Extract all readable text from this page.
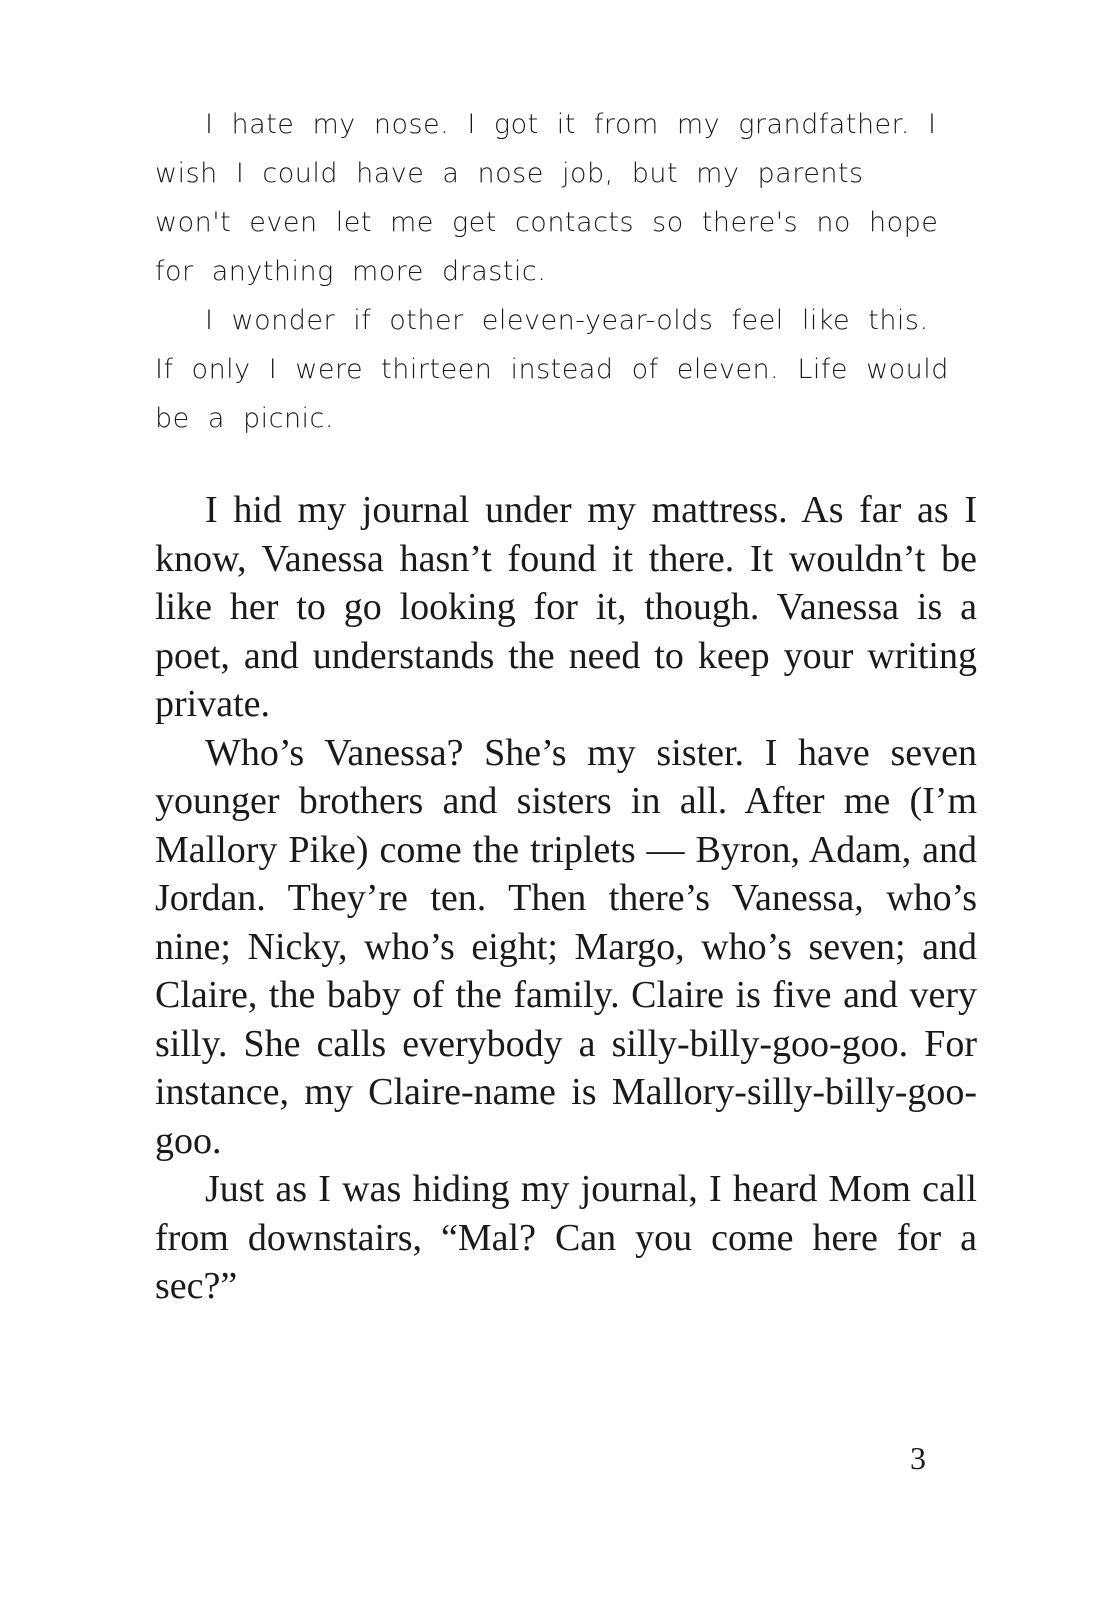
I hate my nose. I got it from my grandfather. I wish I could have a nose job, but my parents won't even let me get contacts so there's no hope for anything more drastic.

I wonder if other eleven-year-olds feel like this. If only I were thirteen instead of eleven. Life would be a picnic.

I hid my journal under my mattress. As far as I know, Vanessa hasn’t found it there. It wouldn’t be like her to go looking for it, though. Vanessa is a poet, and understands the need to keep your writing private.

Who’s Vanessa? She’s my sister. I have seven younger brothers and sisters in all. After me (I’m Mallory Pike) come the triplets — Byron, Adam, and Jordan. They’re ten. Then there’s Vanessa, who’s nine; Nicky, who’s eight; Margo, who’s seven; and Claire, the baby of the family. Claire is five and very silly. She calls everybody a silly-billy-goo-goo. For instance, my Claire-name is Mallory-silly-billy-goo-goo.

Just as I was hiding my journal, I heard Mom call from downstairs, “Mal? Can you come here for a sec?”

3
